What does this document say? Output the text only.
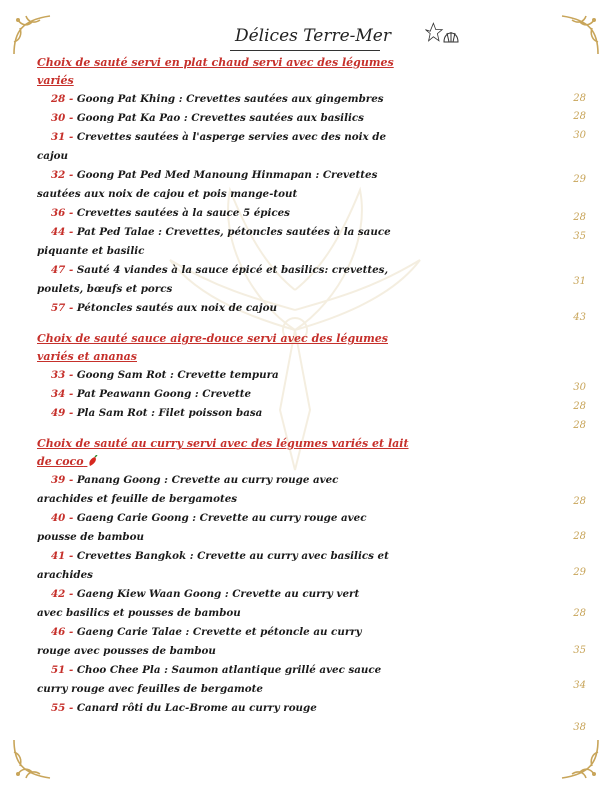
Délices Terre-Mer

Choix de sauté servi en plat chaud servi avec des légumes
variés

28 - Goong Pat Khing : Crevettes sautées aux gingembres

30 - Goong Pat Ka Pao : Crevettes sautées aux basilics

31 - Crevettes sautées à l'asperge servies avec des noix de
cajou

32 - Goong Pat Ped Med Manoung Hinmapan : Crevettes
sautées aux noix de cajou et pois mange-tout

36 - Crevettes sautées à la sauce 5 épices

44 - Pat Ped Talae : Crevettes, pétoncles sautées à la sauce
piquante et basilic

47 - Sauté 4 viandes à la sauce épicé et basilics: crevettes,
poulets, bœufs et porcs

57 - Pétoncles sautés aux noix de cajou

Choix de sauté sauce aigre-douce servi avec des légumes
variés et ananas

33 - Goong Sam Rot : Crevette tempura

34 - Pat Peawann Goong : Crevette

49 - Pla Sam Rot : Filet poisson basa

Choix de sauté au curry servi avec des légumes variés et lait
de coco

39 - Panang Goong : Crevette au curry rouge avec
arachides et feuille de bergamotes

40 - Gaeng Carie Goong : Crevette au curry rouge avec
pousse de bambou

41 - Crevettes Bangkok : Crevette au curry avec basilics et
arachides

42 - Gaeng Kiew Waan Goong : Crevette au curry vert
avec basilics et pousses de bambou

46 - Gaeng Carie Talae : Crevette et pétoncle au curry
rouge avec pousses de bambou

51 - Choo Chee Pla : Saumon atlantique grillé avec sauce
curry rouge avec feuilles de bergamote

55 - Canard rôti du Lac-Brome au curry rouge

28
28
30
29
28
35
31
43
30
28
28
28
28
29
28
35
34
38
